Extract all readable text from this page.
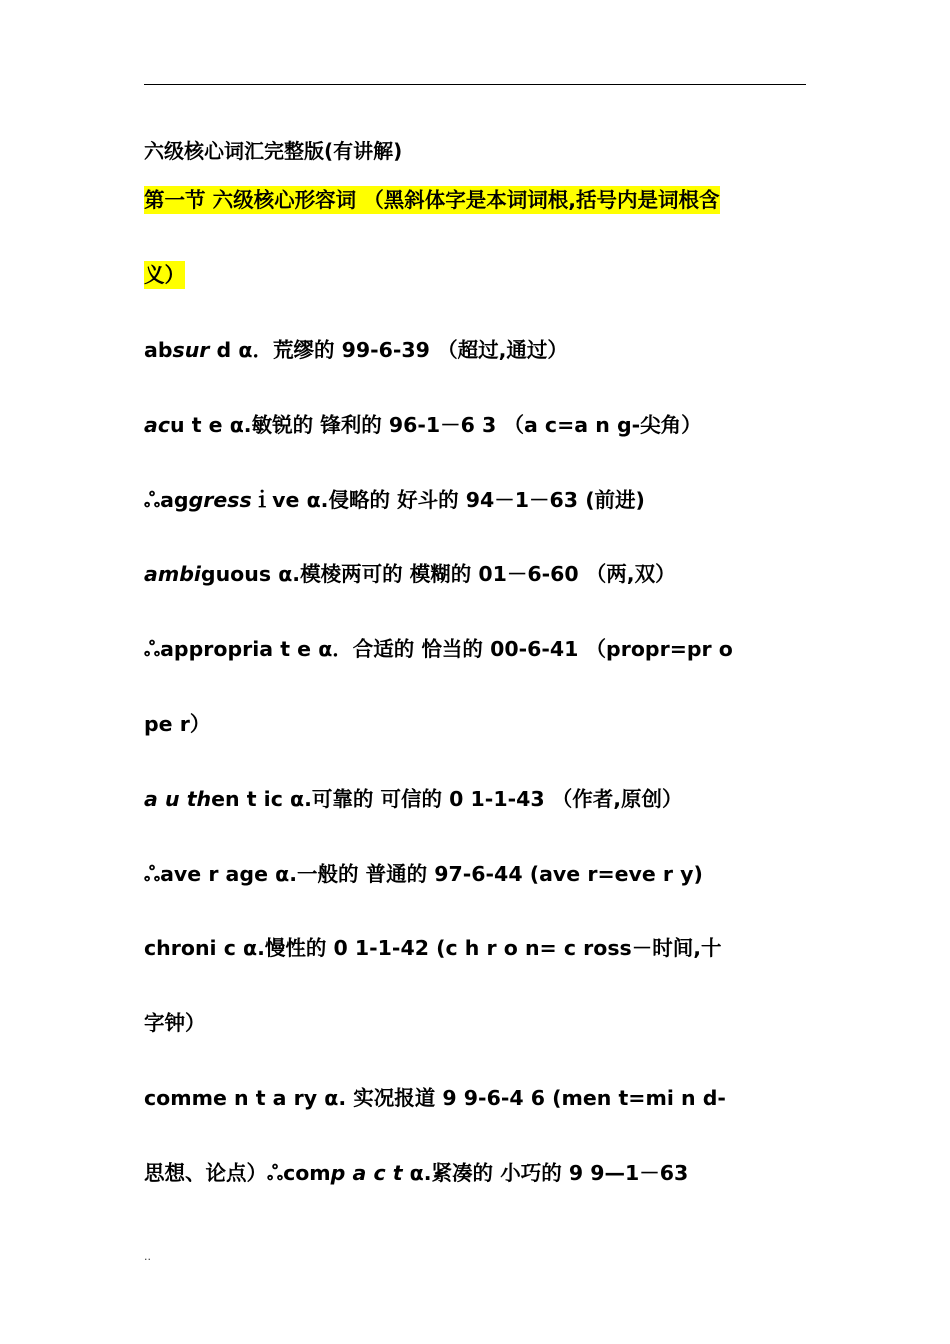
六级核心词汇完整版(有讲解)
第一节 六级核心形容词 （黑斜体字是本词词根,括号内是词根含
义）
absur d α．荒缪的 99-6-39 （超过,通过）
acu t e α.敏锐的 锋利的 96-1－6 3 （a c=a n g-尖角）
ஃaggressｉve α.侵略的 好斗的 94－1－63 (前进)
ambiguous α.模棱两可的 模糊的 01－6-60 （两,双）
ஃappropria t e α．合适的 恰当的 00-6-41 （propr=pr o
pe r）
a u then t ic α.可靠的 可信的 0 1-1-43 （作者,原创）
ஃave r age α.一般的 普通的 97-6-44 (ave r=eve r y)
chroni c α.慢性的 0 1-1-42 (c h r o n= c ross－时间,十
字钟）
comme n t a ry α. 实况报道 9 9-6-4 6 (men t=mi n d-
思想、论点）ஃcomp a c t α.紧凑的 小巧的 9 9—1－63
..
